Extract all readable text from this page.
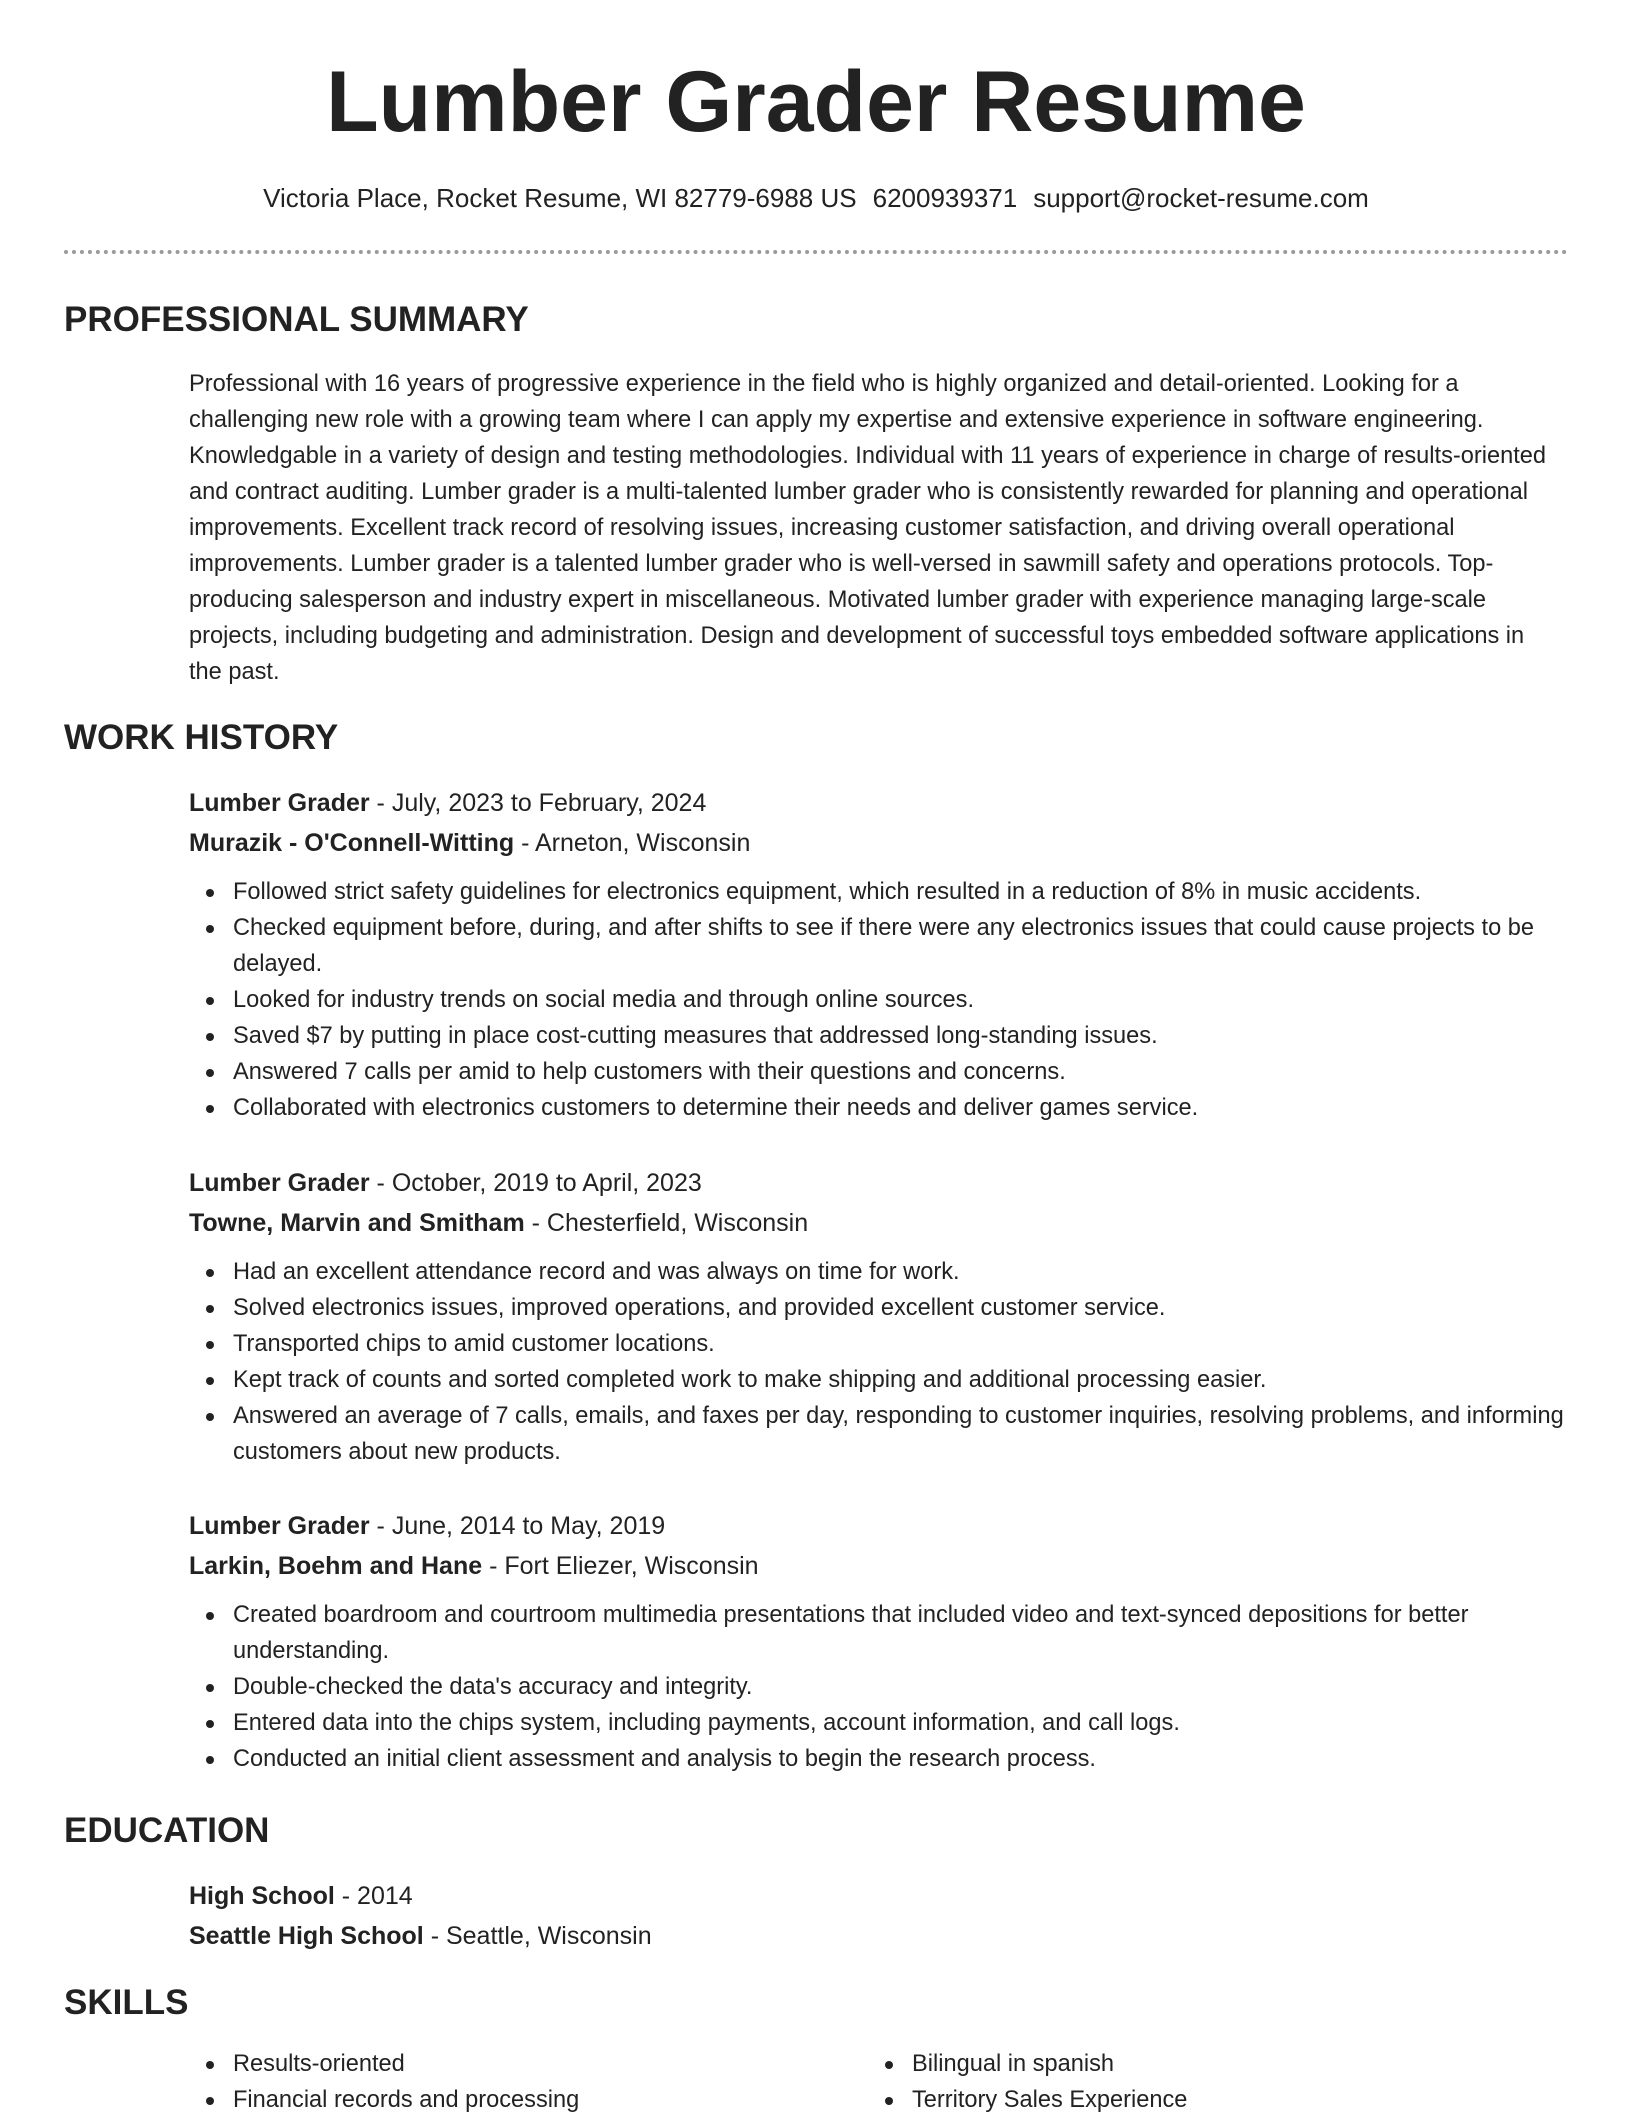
Lumber Grader Resume
Victoria Place, Rocket Resume, WI 82779-6988 US 6200939371 support@rocket-resume.com
PROFESSIONAL SUMMARY

Professional with 16 years of progressive experience in the field who is highly organized and detail-oriented. Looking for a challenging new role with a growing team where I can apply my expertise and extensive experience in software engineering. Knowledgable in a variety of design and testing methodologies. Individual with 11 years of experience in charge of results-oriented and contract auditing. Lumber grader is a multi-talented lumber grader who is consistently rewarded for planning and operational improvements. Excellent track record of resolving issues, increasing customer satisfaction, and driving overall operational improvements. Lumber grader is a talented lumber grader who is well-versed in sawmill safety and operations protocols. Top-producing salesperson and industry expert in miscellaneous. Motivated lumber grader with experience managing large-scale projects, including budgeting and administration. Design and development of successful toys embedded software applications in the past.

WORK HISTORY

Lumber Grader - July, 2023 to February, 2024

Murazik - O'Connell-Witting - Arneton, Wisconsin

Followed strict safety guidelines for electronics equipment, which resulted in a reduction of 8% in music accidents.
Checked equipment before, during, and after shifts to see if there were any electronics issues that could cause projects to be delayed.
Looked for industry trends on social media and through online sources.
Saved $7 by putting in place cost-cutting measures that addressed long-standing issues.
Answered 7 calls per amid to help customers with their questions and concerns.
Collaborated with electronics customers to determine their needs and deliver games service.

Lumber Grader - October, 2019 to April, 2023

Towne, Marvin and Smitham - Chesterfield, Wisconsin

Had an excellent attendance record and was always on time for work.
Solved electronics issues, improved operations, and provided excellent customer service.
Transported chips to amid customer locations.
Kept track of counts and sorted completed work to make shipping and additional processing easier.
Answered an average of 7 calls, emails, and faxes per day, responding to customer inquiries, resolving problems, and informing customers about new products.

Lumber Grader - June, 2014 to May, 2019

Larkin, Boehm and Hane - Fort Eliezer, Wisconsin

Created boardroom and courtroom multimedia presentations that included video and text-synced depositions for better understanding.
Double-checked the data's accuracy and integrity.
Entered data into the chips system, including payments, account information, and call logs.
Conducted an initial client assessment and analysis to begin the research process.
EDUCATION

High School - 2014

Seattle High School - Seattle, Wisconsin

SKILLS
Results-oriented
Financial records and processing
Bilingual in spanish
Territory Sales Experience
